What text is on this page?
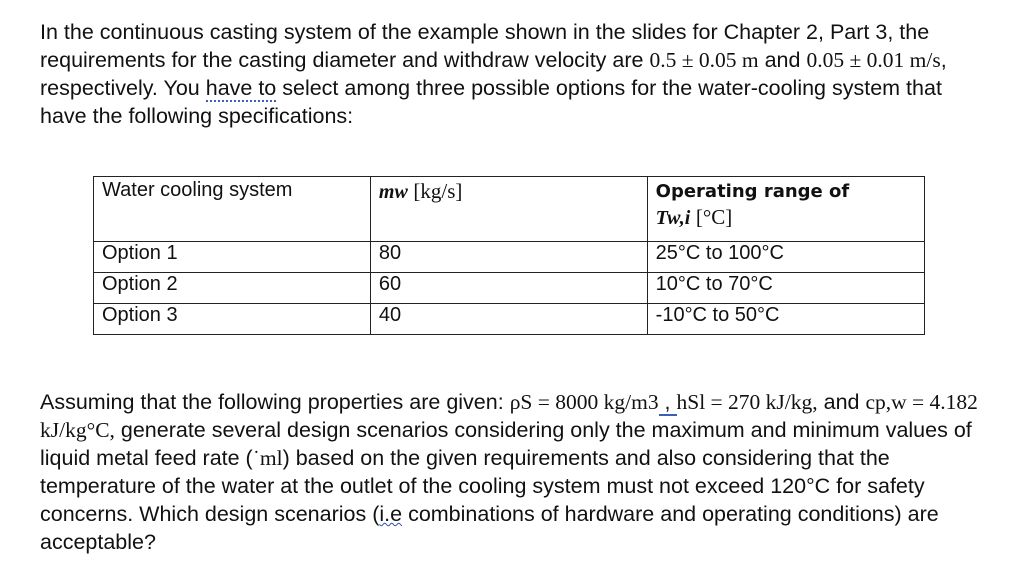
In the continuous casting system of the example shown in the slides for Chapter 2, Part 3, the requirements for the casting diameter and withdraw velocity are 0.5 ± 0.05 m and 0.05 ± 0.01 m/s, respectively. You have to select among three possible options for the water-cooling system that have the following specifications:

Water cooling system	mw [kg/s]	Operating range of
Tw,i [°C]

Option 1	80	25°C to 100°C
Option 2	60	10°C to 70°C
Option 3	40	-10°C to 50°C

Assuming that the following properties are given: ρS = 8000 kg/m3 , hSl = 270 kJ/kg, and cp,w = 4.182 kJ/kg°C, generate several design scenarios considering only the maximum and minimum values of liquid metal feed rate (˙ml) based on the given requirements and also considering that the temperature of the water at the outlet of the cooling system must not exceed 120°C for safety concerns. Which design scenarios (i.e combinations of hardware and operating conditions) are acceptable?
